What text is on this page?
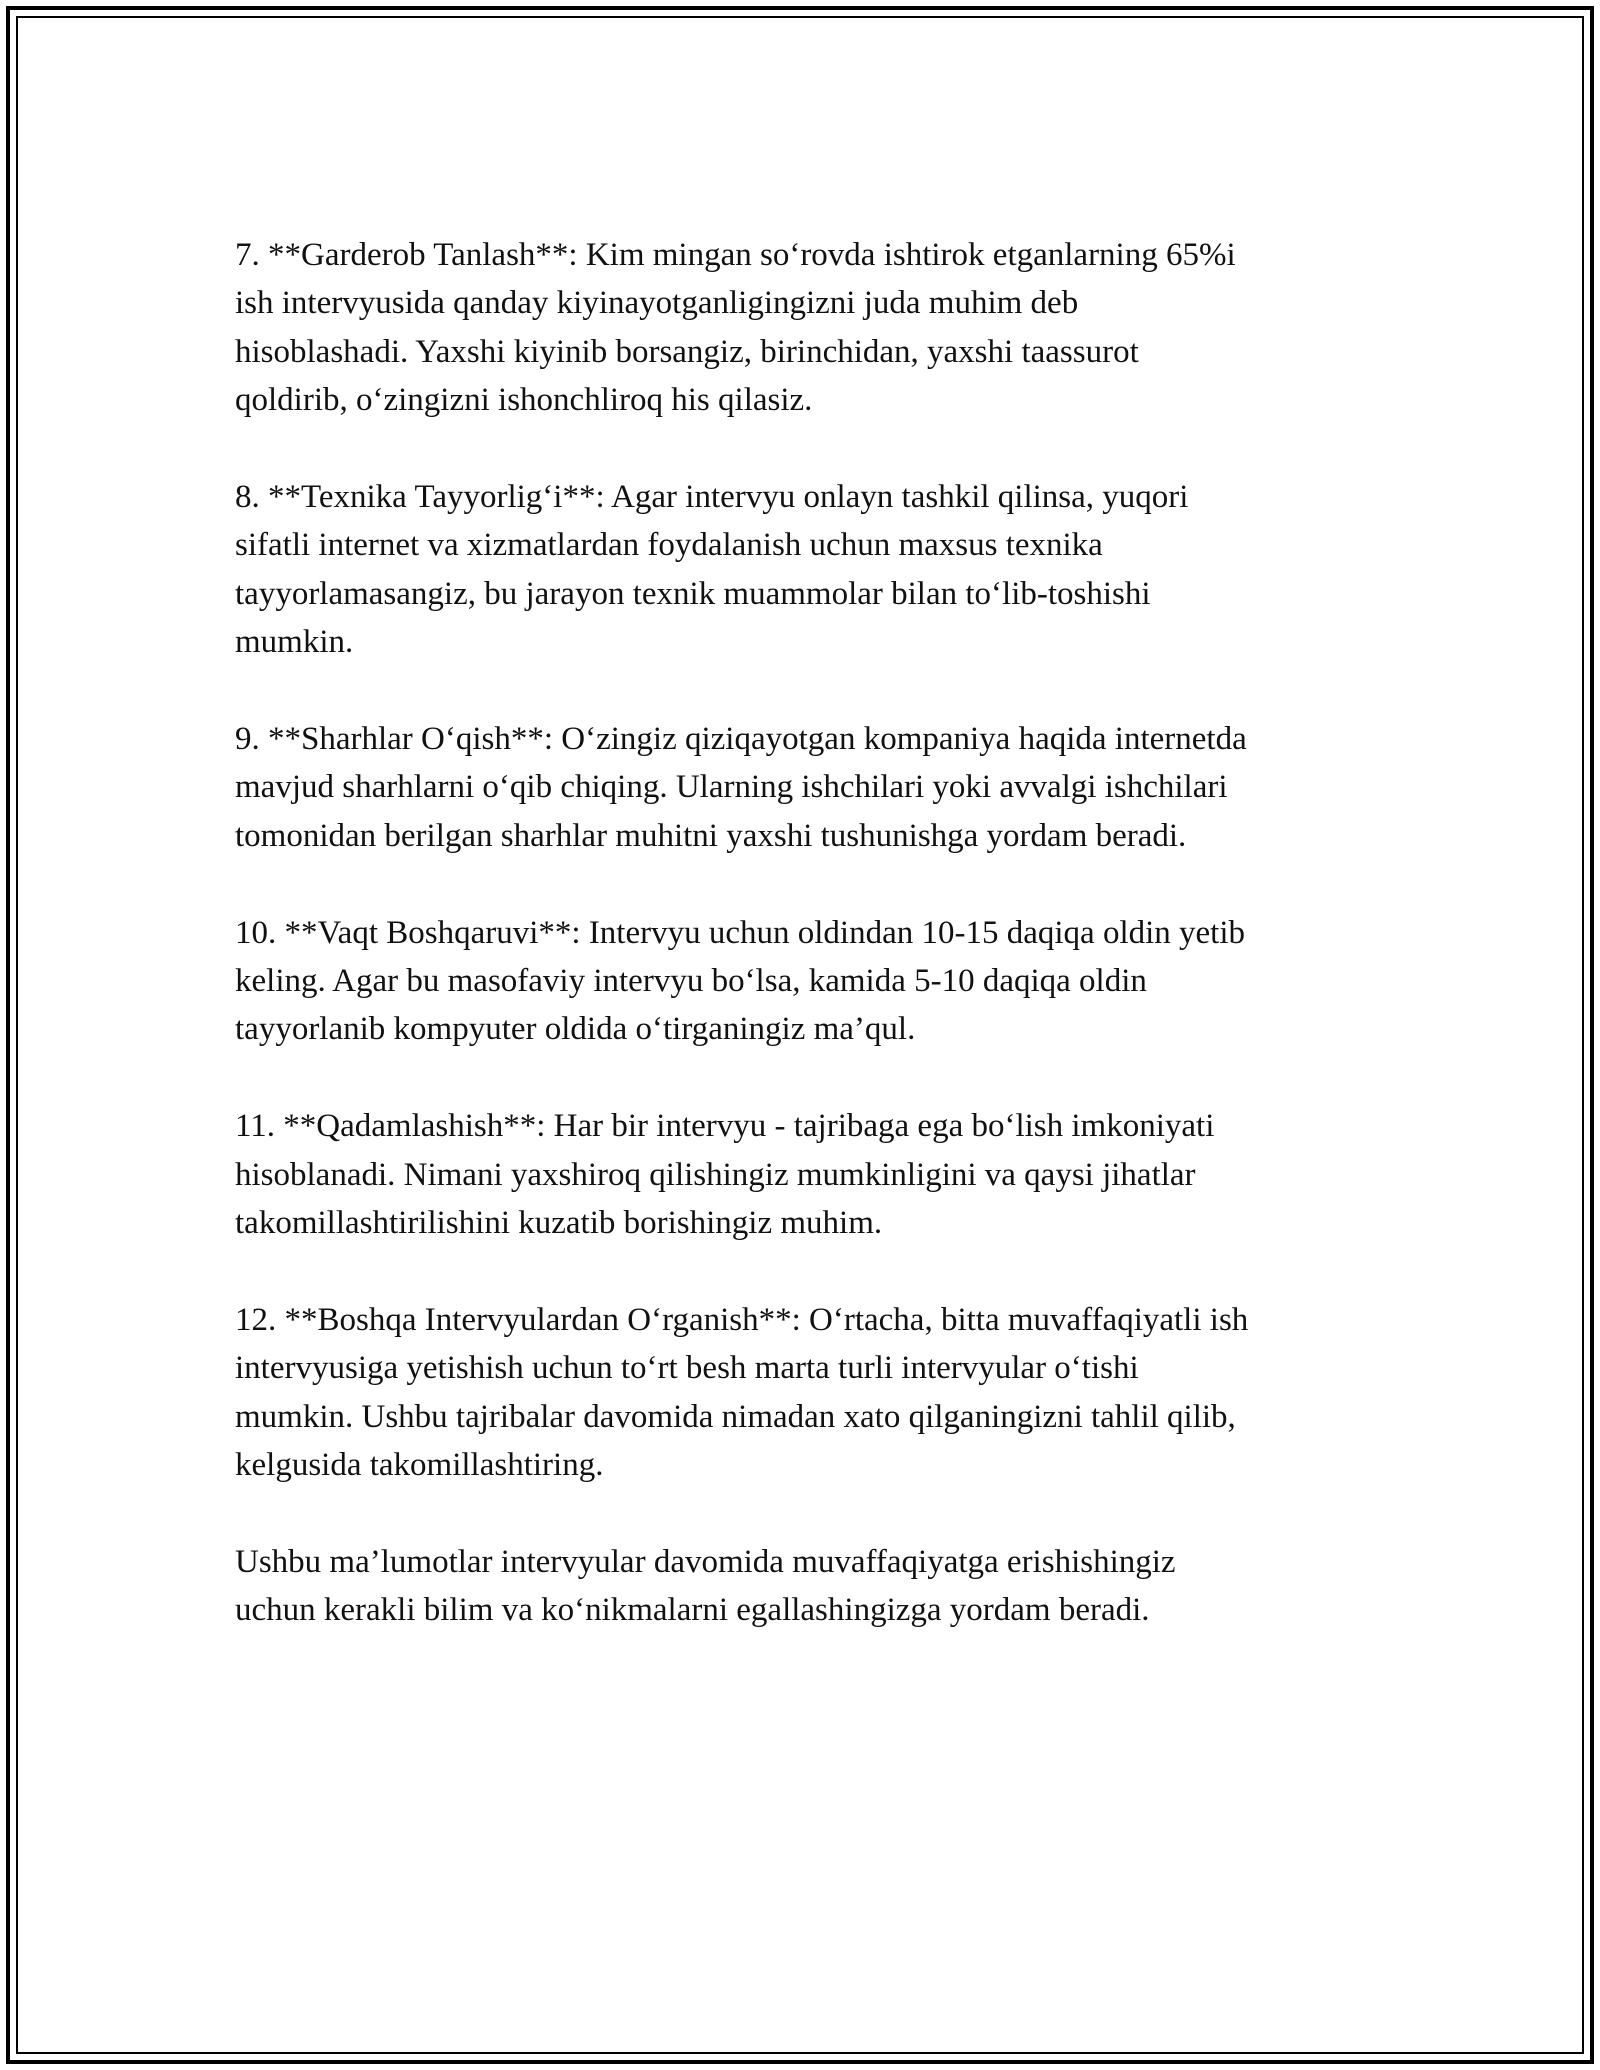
7. **Garderob Tanlash**: Kim mingan so‘rovda ishtirok etganlarning 65%i
ish intervyusida qanday kiyinayotganligingizni juda muhim deb
hisoblashadi. Yaxshi kiyinib borsangiz, birinchidan, yaxshi taassurot
qoldirib, o‘zingizni ishonchliroq his qilasiz.

8. **Texnika Tayyorlig‘i**: Agar intervyu onlayn tashkil qilinsa, yuqori
sifatli internet va xizmatlardan foydalanish uchun maxsus texnika
tayyorlamasangiz, bu jarayon texnik muammolar bilan to‘lib-toshishi
mumkin.

9. **Sharhlar O‘qish**: O‘zingiz qiziqayotgan kompaniya haqida internetda
mavjud sharhlarni o‘qib chiqing. Ularning ishchilari yoki avvalgi ishchilari
tomonidan berilgan sharhlar muhitni yaxshi tushunishga yordam beradi.

10. **Vaqt Boshqaruvi**: Intervyu uchun oldindan 10-15 daqiqa oldin yetib
keling. Agar bu masofaviy intervyu bo‘lsa, kamida 5-10 daqiqa oldin
tayyorlanib kompyuter oldida o‘tirganingiz ma’qul.

11. **Qadamlashish**: Har bir intervyu - tajribaga ega bo‘lish imkoniyati
hisoblanadi. Nimani yaxshiroq qilishingiz mumkinligini va qaysi jihatlar
takomillashtirilishini kuzatib borishingiz muhim.

12. **Boshqa Intervyulardan O‘rganish**: O‘rtacha, bitta muvaffaqiyatli ish
intervyusiga yetishish uchun to‘rt besh marta turli intervyular o‘tishi
mumkin. Ushbu tajribalar davomida nimadan xato qilganingizni tahlil qilib,
kelgusida takomillashtiring.

Ushbu ma’lumotlar intervyular davomida muvaffaqiyatga erishishingiz
uchun kerakli bilim va ko‘nikmalarni egallashingizga yordam beradi.
